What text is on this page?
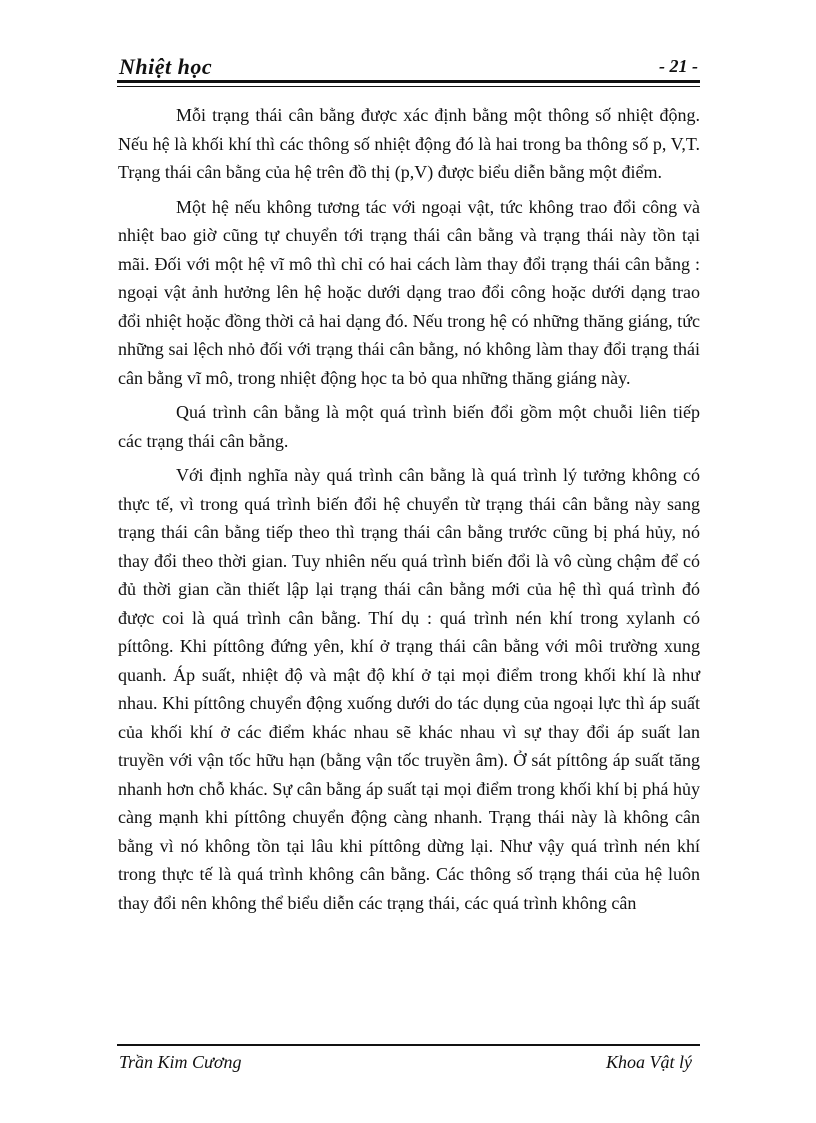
Nhiệt học	- 21 -

Mỗi trạng thái cân bằng được xác định bằng một thông số nhiệt động. Nếu hệ là khối khí thì các thông số nhiệt động đó là hai trong ba thông số p, V,T. Trạng thái cân bằng của hệ trên đồ thị (p,V) được biểu diễn bằng một điểm.

Một hệ nếu không tương tác với ngoại vật, tức không trao đổi công và nhiệt bao giờ cũng tự chuyển tới trạng thái cân bằng và trạng thái này tồn tại mãi. Đối với một hệ vĩ mô thì chỉ có hai cách làm thay đổi trạng thái cân bằng : ngoại vật ảnh hưởng lên hệ hoặc dưới dạng trao đổi công hoặc dưới dạng trao đổi nhiệt hoặc đồng thời cả hai dạng đó. Nếu trong hệ có những thăng giáng, tức những sai lệch nhỏ đối với trạng thái cân bằng, nó không làm thay đổi trạng thái cân bằng vĩ mô, trong nhiệt động học ta bỏ qua những thăng giáng này.

Quá trình cân bằng là một quá trình biến đổi gồm một chuỗi liên tiếp các trạng thái cân bằng.

Với định nghĩa này quá trình cân bằng là quá trình lý tưởng không có thực tế, vì trong quá trình biến đổi hệ chuyển từ trạng thái cân bằng này sang trạng thái cân bằng tiếp theo thì trạng thái cân bằng trước cũng bị phá hủy, nó thay đổi theo thời gian. Tuy nhiên nếu quá trình biến đổi là vô cùng chậm để có đủ thời gian cần thiết lập lại trạng thái cân bằng mới của hệ thì quá trình đó được coi là quá trình cân bằng. Thí dụ : quá trình nén khí trong xylanh có píttông. Khi píttông đứng yên, khí ở trạng thái cân bằng với môi trường xung quanh. Áp suất, nhiệt độ và mật độ khí ở tại mọi điểm trong khối khí là như nhau. Khi píttông chuyển động xuống dưới do tác dụng của ngoại lực thì áp suất của khối khí ở các điểm khác nhau sẽ khác nhau vì sự thay đổi áp suất lan truyền với vận tốc hữu hạn (bằng vận tốc truyền âm). Ở sát píttông áp suất tăng nhanh hơn chỗ khác. Sự cân bằng áp suất tại mọi điểm trong khối khí bị phá hủy càng mạnh khi píttông chuyển động càng nhanh. Trạng thái này là không cân bằng vì nó không tồn tại lâu khi píttông dừng lại. Như vậy quá trình nén khí trong thực tế là quá trình không cân bằng. Các thông số trạng thái của hệ luôn thay đổi nên không thể biểu diễn các trạng thái, các quá trình không cân

Trần Kim Cương	Khoa Vật lý
